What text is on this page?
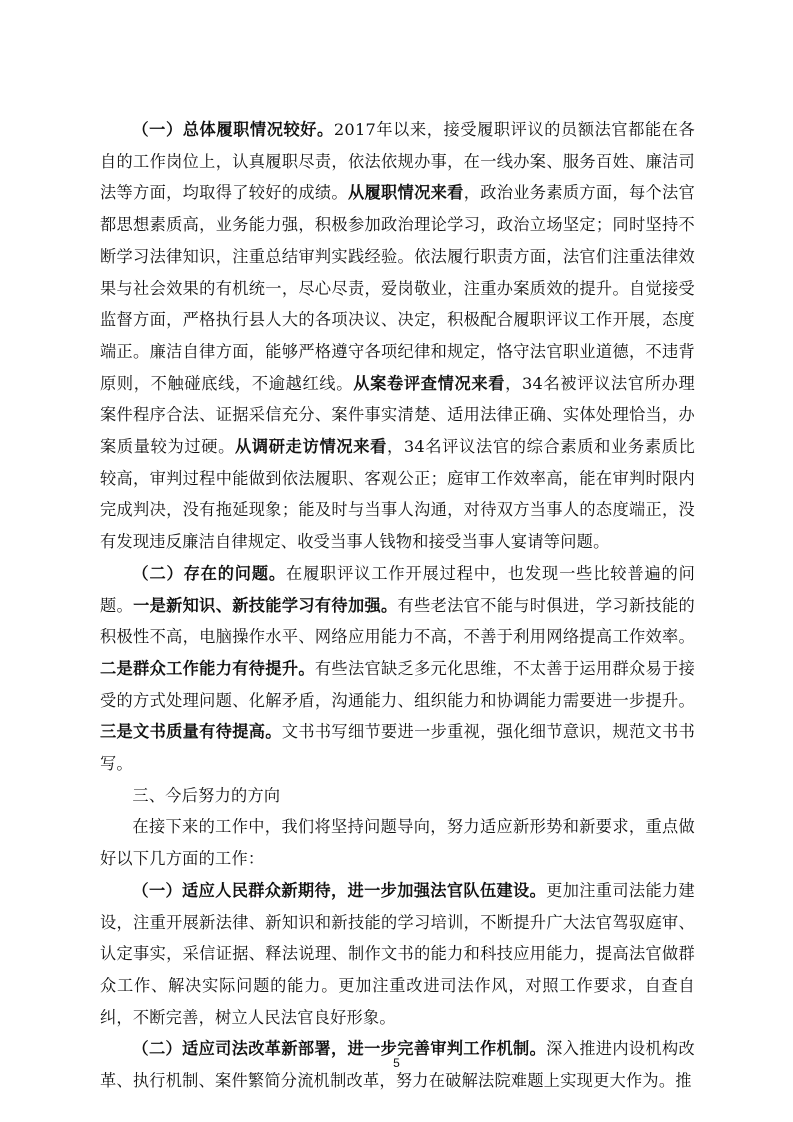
（一）总体履职情况较好。2017年以来，接受履职评议的员额法官都能在各自的工作岗位上，认真履职尽责，依法依规办事，在一线办案、服务百姓、廉洁司法等方面，均取得了较好的成绩。从履职情况来看，政治业务素质方面，每个法官都思想素质高，业务能力强，积极参加政治理论学习，政治立场坚定；同时坚持不断学习法律知识，注重总结审判实践经验。依法履行职责方面，法官们注重法律效果与社会效果的有机统一，尽心尽责，爱岗敬业，注重办案质效的提升。自觉接受监督方面，严格执行县人大的各项决议、决定，积极配合履职评议工作开展，态度端正。廉洁自律方面，能够严格遵守各项纪律和规定，恪守法官职业道德，不违背原则，不触碰底线，不逾越红线。从案卷评查情况来看，34名被评议法官所办理案件程序合法、证据采信充分、案件事实清楚、适用法律正确、实体处理恰当，办案质量较为过硬。从调研走访情况来看，34名评议法官的综合素质和业务素质比较高，审判过程中能做到依法履职、客观公正；庭审工作效率高，能在审判时限内完成判决，没有拖延现象；能及时与当事人沟通，对待双方当事人的态度端正，没有发现违反廉洁自律规定、收受当事人钱物和接受当事人宴请等问题。

（二）存在的问题。在履职评议工作开展过程中，也发现一些比较普遍的问题。一是新知识、新技能学习有待加强。有些老法官不能与时俱进，学习新技能的积极性不高，电脑操作水平、网络应用能力不高，不善于利用网络提高工作效率。二是群众工作能力有待提升。有些法官缺乏多元化思维，不太善于运用群众易于接受的方式处理问题、化解矛盾，沟通能力、组织能力和协调能力需要进一步提升。三是文书质量有待提高。文书书写细节要进一步重视，强化细节意识，规范文书书写。

三、今后努力的方向

在接下来的工作中，我们将坚持问题导向，努力适应新形势和新要求，重点做好以下几方面的工作：

（一）适应人民群众新期待，进一步加强法官队伍建设。更加注重司法能力建设，注重开展新法律、新知识和新技能的学习培训，不断提升广大法官驾驭庭审、认定事实，采信证据、释法说理、制作文书的能力和科技应用能力，提高法官做群众工作、解决实际问题的能力。更加注重改进司法作风，对照工作要求，自查自纠，不断完善，树立人民法官良好形象。

（二）适应司法改革新部署，进一步完善审判工作机制。深入推进内设机构改革、执行机制、案件繁简分流机制改革，努力在破解法院难题上实现更大作为。推

5
